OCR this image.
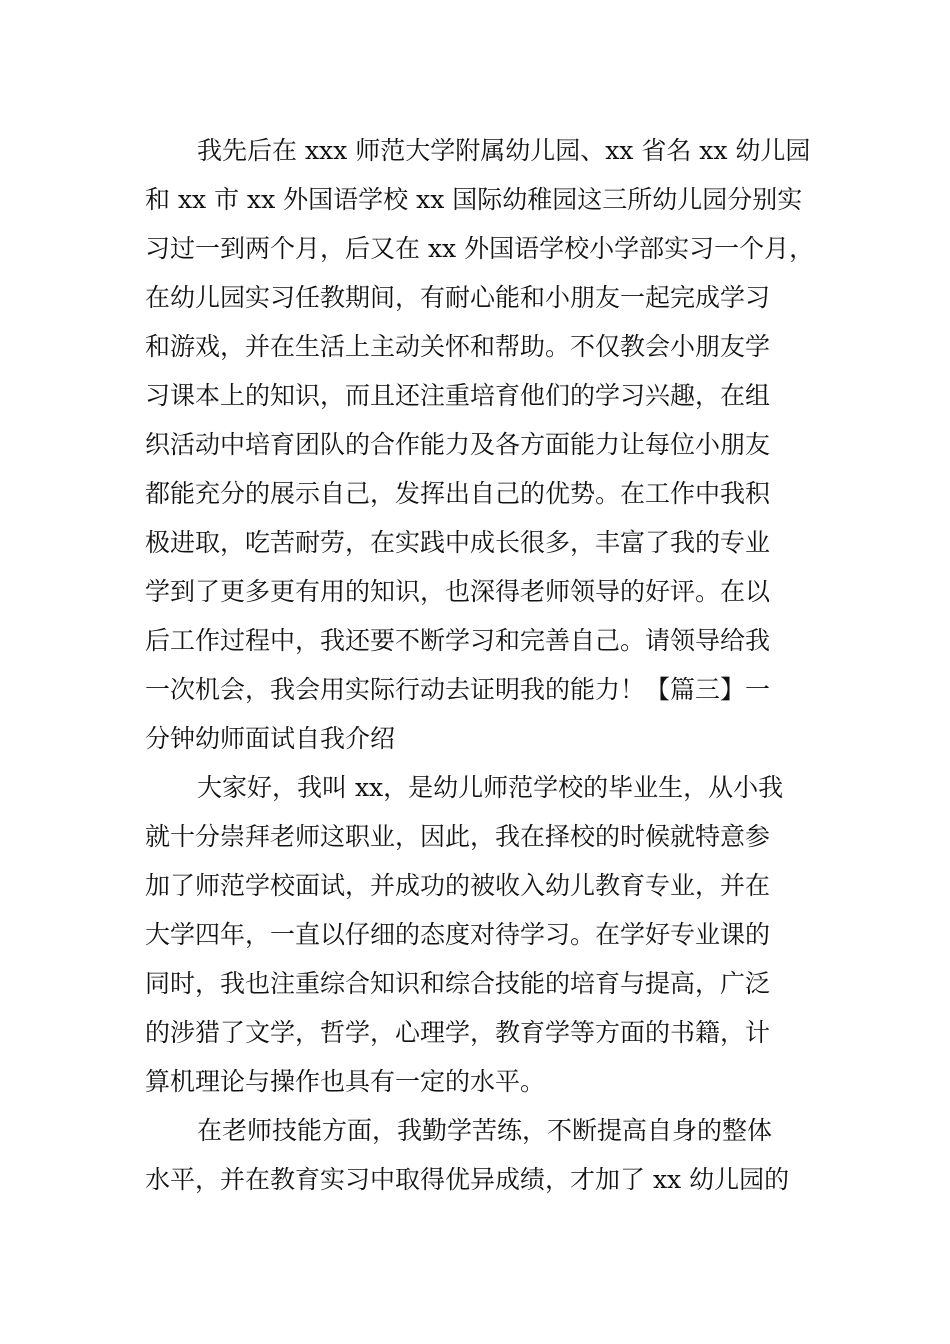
我先后在 xxx 师范大学附属幼儿园、xx 省名 xx 幼儿园
和 xx 市 xx 外国语学校 xx 国际幼稚园这三所幼儿园分别实
习过一到两个月，后又在 xx 外国语学校小学部实习一个月，
在幼儿园实习任教期间，有耐心能和小朋友一起完成学习
和游戏，并在生活上主动关怀和帮助。不仅教会小朋友学
习课本上的知识，而且还注重培育他们的学习兴趣，在组
织活动中培育团队的合作能力及各方面能力让每位小朋友
都能充分的展示自己，发挥出自己的优势。在工作中我积
极进取，吃苦耐劳，在实践中成长很多，丰富了我的专业
学到了更多更有用的知识，也深得老师领导的好评。在以
后工作过程中，我还要不断学习和完善自己。请领导给我
一次机会，我会用实际行动去证明我的能力！【篇三】一
分钟幼师面试自我介绍
大家好，我叫 xx，是幼儿师范学校的毕业生，从小我
就十分崇拜老师这职业，因此，我在择校的时候就特意参
加了师范学校面试，并成功的被收入幼儿教育专业，并在
大学四年，一直以仔细的态度对待学习。在学好专业课的
同时，我也注重综合知识和综合技能的培育与提高，广泛
的涉猎了文学，哲学，心理学，教育学等方面的书籍，计
算机理论与操作也具有一定的水平。
在老师技能方面，我勤学苦练，不断提高自身的整体
水平，并在教育实习中取得优异成绩，才加了 xx 幼儿园的
